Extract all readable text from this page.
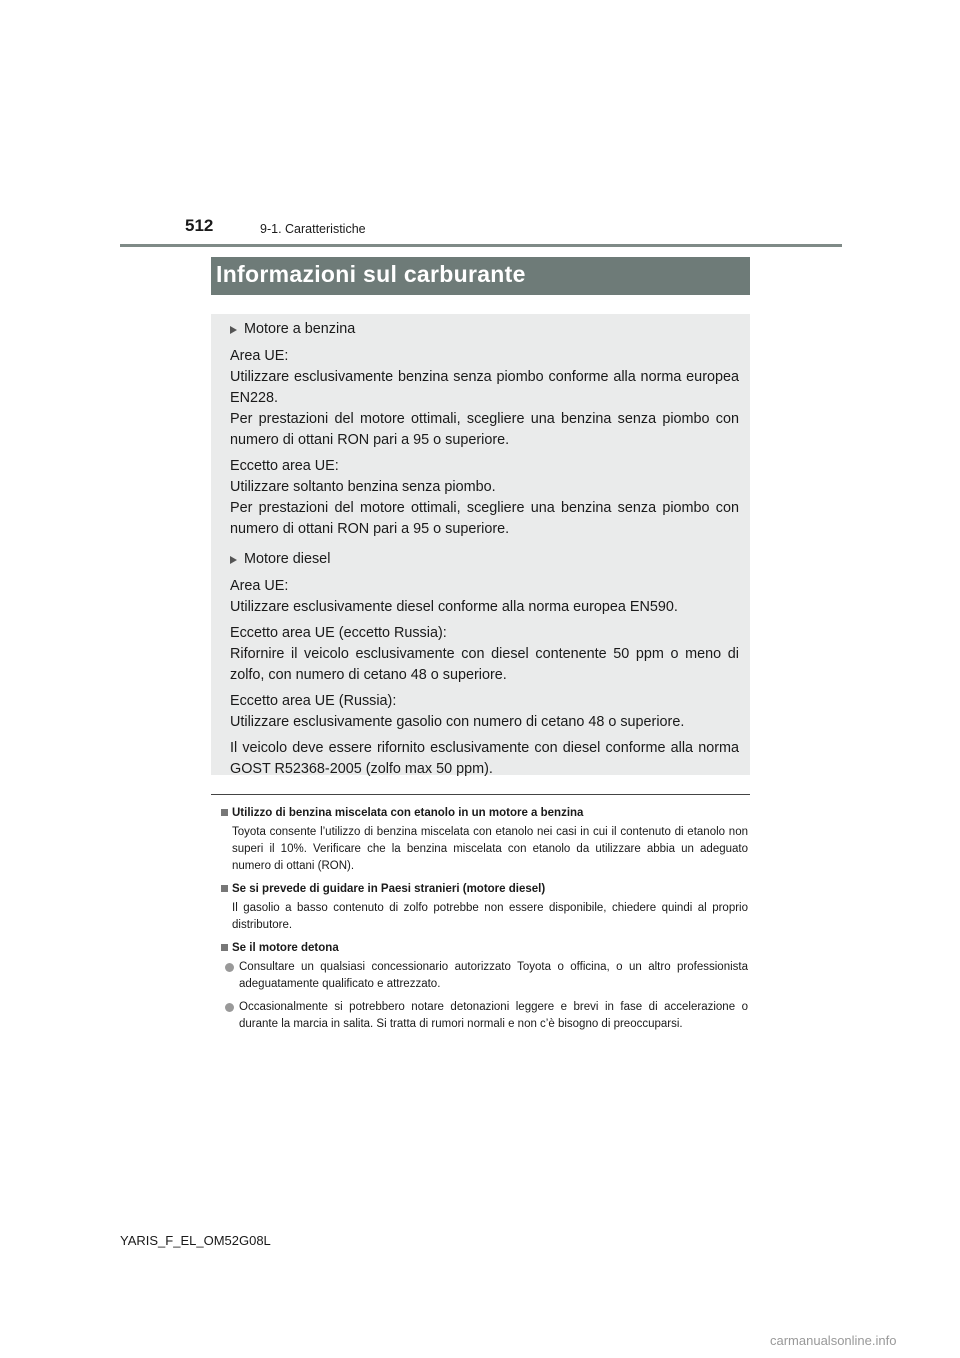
512	9-1. Caratteristiche
Informazioni sul carburante
Motore a benzina

Area UE:
Utilizzare esclusivamente benzina senza piombo conforme alla norma europea EN228.
Per prestazioni del motore ottimali, scegliere una benzina senza piombo con numero di ottani RON pari a 95 o superiore.

Eccetto area UE:
Utilizzare soltanto benzina senza piombo.
Per prestazioni del motore ottimali, scegliere una benzina senza piombo con numero di ottani RON pari a 95 o superiore.

Motore diesel

Area UE:
Utilizzare esclusivamente diesel conforme alla norma europea EN590.

Eccetto area UE (eccetto Russia):
Rifornire il veicolo esclusivamente con diesel contenente 50 ppm o meno di zolfo, con numero di cetano 48 o superiore.

Eccetto area UE (Russia):
Utilizzare esclusivamente gasolio con numero di cetano 48 o superiore.

Il veicolo deve essere rifornito esclusivamente con diesel conforme alla norma GOST R52368-2005 (zolfo max 50 ppm).

Utilizzo di benzina miscelata con etanolo in un motore a benzina
Toyota consente l’utilizzo di benzina miscelata con etanolo nei casi in cui il contenuto di etanolo non superi il 10%. Verificare che la benzina miscelata con etanolo da utilizzare abbia un adeguato numero di ottani (RON).
Se si prevede di guidare in Paesi stranieri (motore diesel)
Il gasolio a basso contenuto di zolfo potrebbe non essere disponibile, chiedere quindi al proprio distributore.
Se il motore detona
Consultare un qualsiasi concessionario autorizzato Toyota o officina, o un altro professionista adeguatamente qualificato e attrezzato.
Occasionalmente si potrebbero notare detonazioni leggere e brevi in fase di accelerazione o durante la marcia in salita. Si tratta di rumori normali e non c’è bisogno di preoccuparsi.
YARIS_F_EL_OM52G08L
carmanualsonline.info
